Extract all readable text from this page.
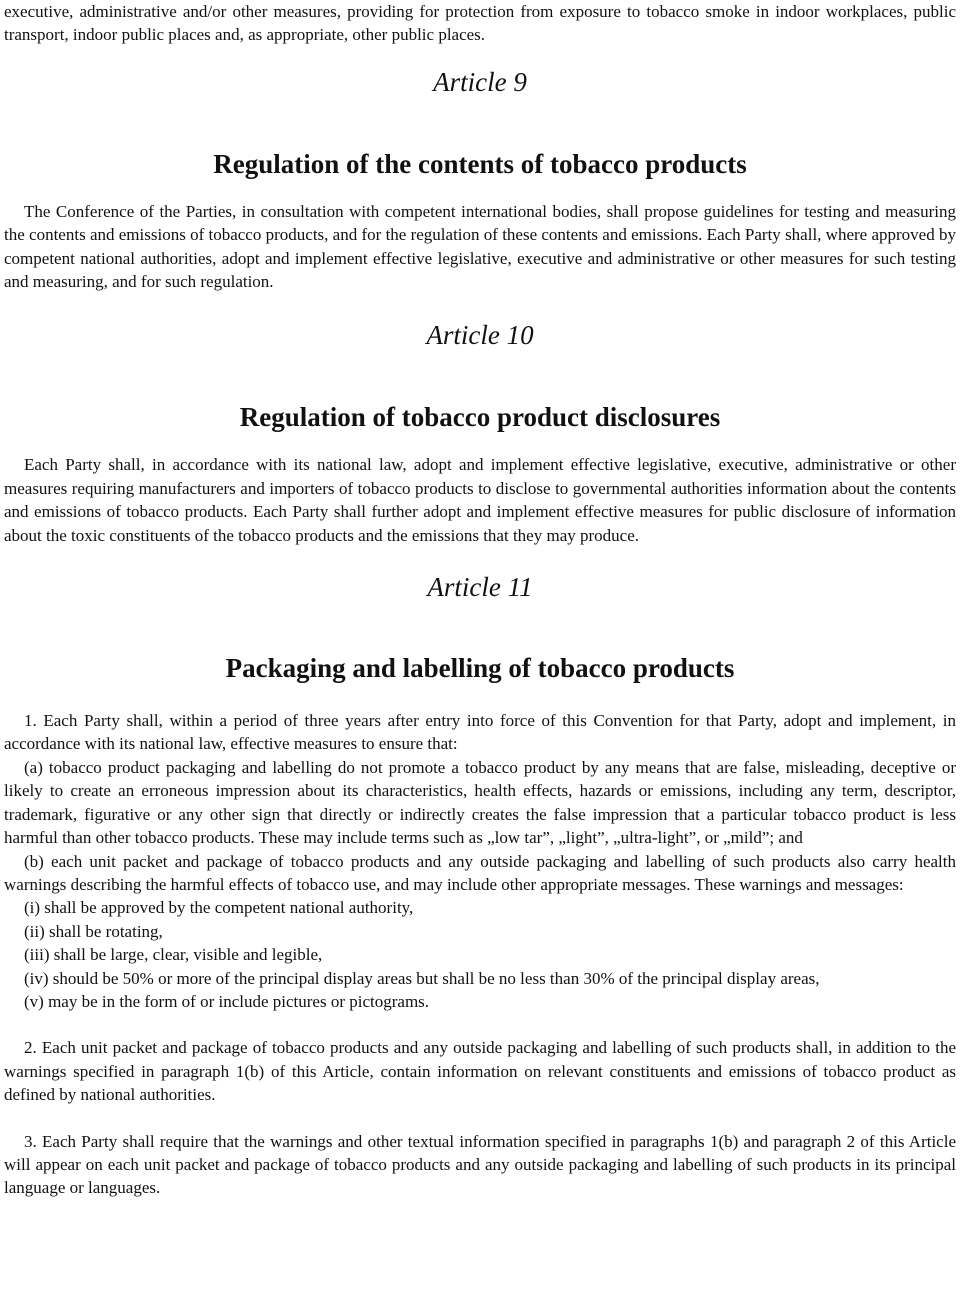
executive, administrative and/or other measures, providing for protection from exposure to tobacco smoke in indoor workplaces, public transport, indoor public places and, as appropriate, other public places.

Article 9
Regulation of the contents of tobacco products

The Conference of the Parties, in consultation with competent international bodies, shall propose guidelines for testing and measuring the contents and emissions of tobacco products, and for the regulation of these contents and emissions. Each Party shall, where approved by competent national authorities, adopt and implement effective legislative, executive and administrative or other measures for such testing and measuring, and for such regulation.

Article 10
Regulation of tobacco product disclosures

Each Party shall, in accordance with its national law, adopt and implement effective legislative, executive, administrative or other measures requiring manufacturers and importers of tobacco products to disclose to governmental authorities information about the contents and emissions of tobacco products. Each Party shall further adopt and implement effective measures for public disclosure of information about the toxic constituents of the tobacco products and the emissions that they may produce.

Article 11
Packaging and labelling of tobacco products

1. Each Party shall, within a period of three years after entry into force of this Convention for that Party, adopt and implement, in accordance with its national law, effective measures to ensure that:

(a) tobacco product packaging and labelling do not promote a tobacco product by any means that are false, misleading, deceptive or likely to create an erroneous impression about its characteristics, health effects, hazards or emissions, including any term, descriptor, trademark, figurative or any other sign that directly or indirectly creates the false impression that a particular tobacco product is less harmful than other tobacco products. These may include terms such as „low tar”, „light”, „ultra-light”, or „mild”; and

(b) each unit packet and package of tobacco products and any outside packaging and labelling of such products also carry health warnings describing the harmful effects of tobacco use, and may include other appropriate messages. These warnings and messages:

(i) shall be approved by the competent national authority,

(ii) shall be rotating,

(iii) shall be large, clear, visible and legible,

(iv) should be 50% or more of the principal display areas but shall be no less than 30% of the principal display areas,

(v) may be in the form of or include pictures or pictograms.

2. Each unit packet and package of tobacco products and any outside packaging and labelling of such products shall, in addition to the warnings specified in paragraph 1(b) of this Article, contain information on relevant constituents and emissions of tobacco product as defined by national authorities.

3. Each Party shall require that the warnings and other textual information specified in paragraphs 1(b) and paragraph 2 of this Article will appear on each unit packet and package of tobacco products and any outside packaging and labelling of such products in its principal language or languages.
